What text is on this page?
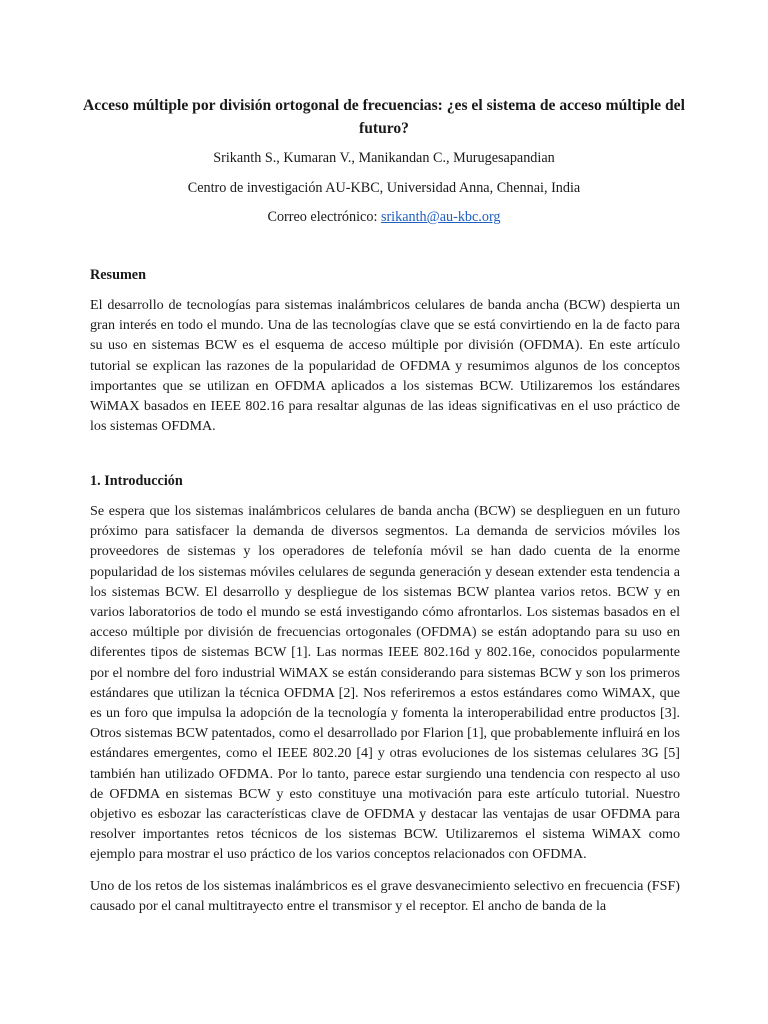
Acceso múltiple por división ortogonal de frecuencias: ¿es el sistema de acceso múltiple del futuro?
Srikanth S., Kumaran V., Manikandan C., Murugesapandian
Centro de investigación AU-KBC, Universidad Anna, Chennai, India
Correo electrónico: srikanth@au-kbc.org
Resumen

El desarrollo de tecnologías para sistemas inalámbricos celulares de banda ancha (BCW) despierta un gran interés en todo el mundo. Una de las tecnologías clave que se está convirtiendo en la de facto para su uso en sistemas BCW es el esquema de acceso múltiple por división (OFDMA). En este artículo tutorial se explican las razones de la popularidad de OFDMA y resumimos algunos de los conceptos importantes que se utilizan en OFDMA aplicados a los sistemas BCW. Utilizaremos los estándares WiMAX basados en IEEE 802.16 para resaltar algunas de las ideas significativas en el uso práctico de los sistemas OFDMA.

1. Introducción

Se espera que los sistemas inalámbricos celulares de banda ancha (BCW) se desplieguen en un futuro próximo para satisfacer la demanda de diversos segmentos. La demanda de servicios móviles los proveedores de sistemas y los operadores de telefonía móvil se han dado cuenta de la enorme popularidad de los sistemas móviles celulares de segunda generación y desean extender esta tendencia a los sistemas BCW. El desarrollo y despliegue de los sistemas BCW plantea varios retos. BCW y en varios laboratorios de todo el mundo se está investigando cómo afrontarlos. Los sistemas basados en el acceso múltiple por división de frecuencias ortogonales (OFDMA) se están adoptando para su uso en diferentes tipos de sistemas BCW [1]. Las normas IEEE 802.16d y 802.16e, conocidos popularmente por el nombre del foro industrial WiMAX se están considerando para sistemas BCW y son los primeros estándares que utilizan la técnica OFDMA [2]. Nos referiremos a estos estándares como WiMAX, que es un foro que impulsa la adopción de la tecnología y fomenta la interoperabilidad entre productos [3]. Otros sistemas BCW patentados, como el desarrollado por Flarion [1], que probablemente influirá en los estándares emergentes, como el IEEE 802.20 [4] y otras evoluciones de los sistemas celulares 3G [5] también han utilizado OFDMA. Por lo tanto, parece estar surgiendo una tendencia con respecto al uso de OFDMA en sistemas BCW y esto constituye una motivación para este artículo tutorial. Nuestro objetivo es esbozar las características clave de OFDMA y destacar las ventajas de usar OFDMA para resolver importantes retos técnicos de los sistemas BCW. Utilizaremos el sistema WiMAX como ejemplo para mostrar el uso práctico de los varios conceptos relacionados con OFDMA.

Uno de los retos de los sistemas inalámbricos es el grave desvanecimiento selectivo en frecuencia (FSF) causado por el canal multitrayecto entre el transmisor y el receptor. El ancho de banda de la
